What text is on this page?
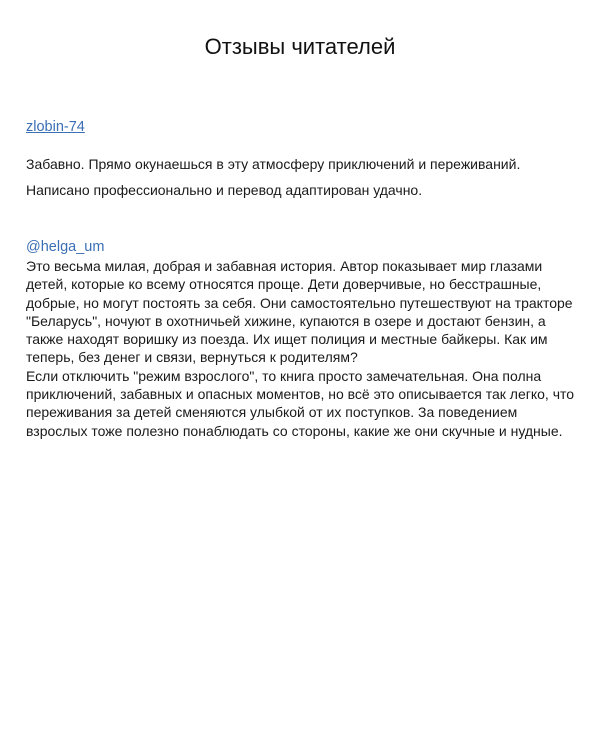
Отзывы читателей
zlobin-74
Забавно. Прямо окунаешься в эту атмосферу приключений и переживаний.
Написано профессионально и перевод адаптирован удачно.
@helga_um

Это весьма милая, добрая и забавная история. Автор показывает мир глазами детей, которые ко всему относятся проще. Дети доверчивые, но бесстрашные, добрые, но могут постоять за себя. Они самостоятельно путешествуют на тракторе "Беларусь", ночуют в охотничьей хижине, купаются в озере и достают бензин, а также находят воришку из поезда. Их ищет полиция и местные байкеры. Как им теперь, без денег и связи, вернуться к родителям?
Если отключить "режим взрослого", то книга просто замечательная. Она полна приключений, забавных и опасных моментов, но всё это описывается так легко, что переживания за детей сменяются улыбкой от их поступков. За поведением взрослых тоже полезно понаблюдать со стороны, какие же они скучные и нудные.
